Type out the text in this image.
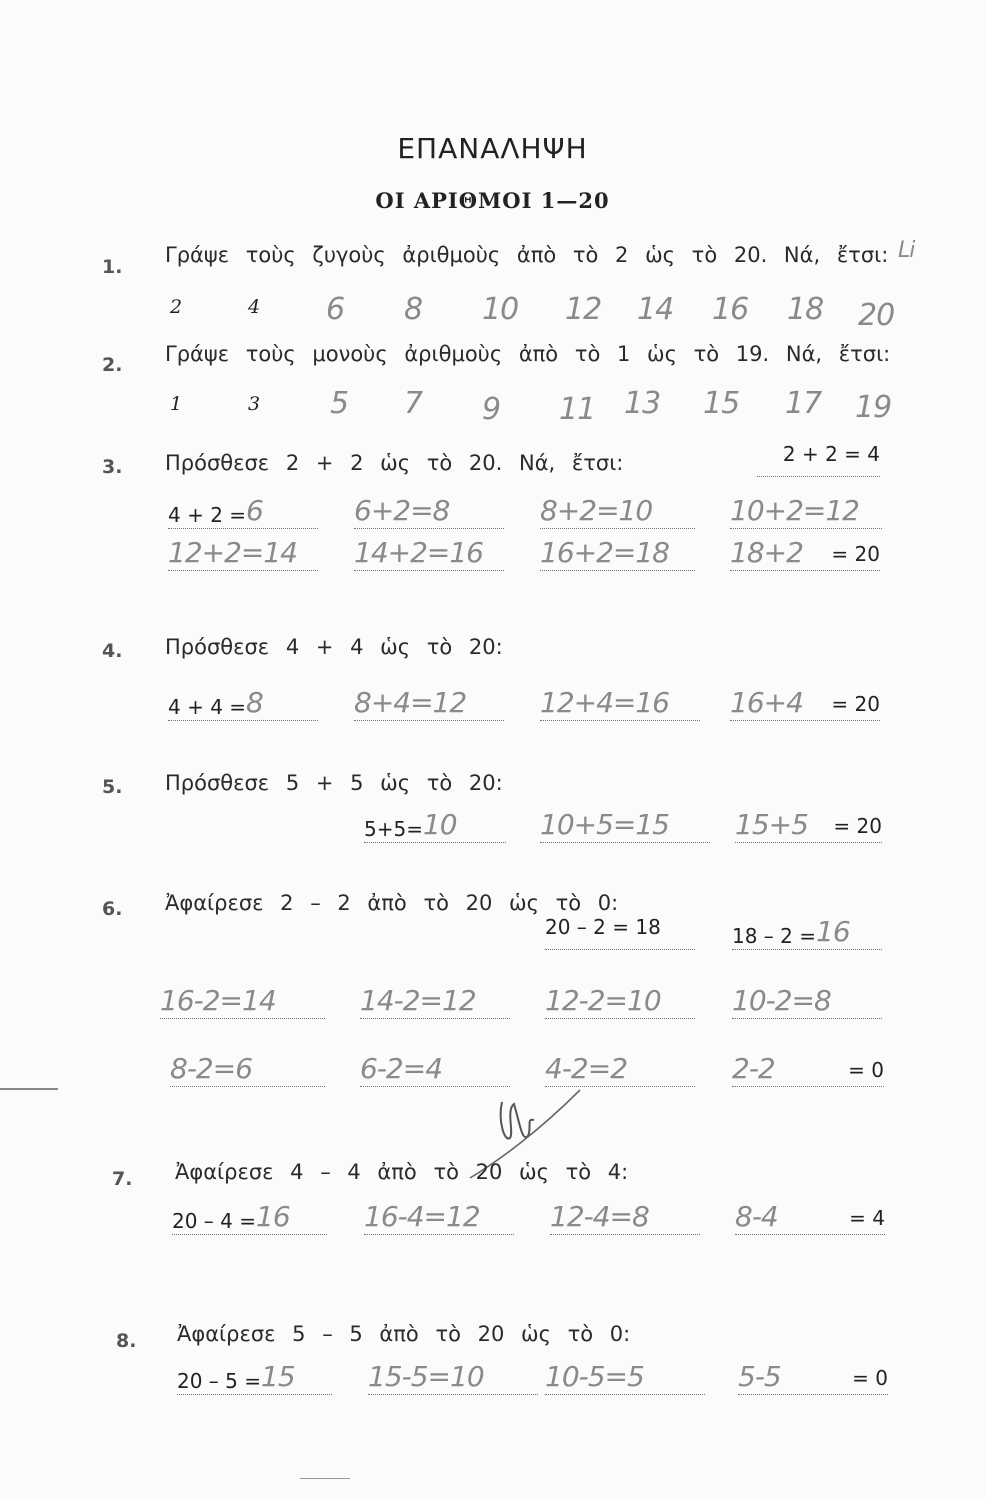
ΕΠΑΝΑΛΗΨΗ
ΟΙ ΑΡΙΘΜΟΙ 1—20
1. Γράψε τοὺς ζυγοὺς ἀριθμοὺς ἀπὸ τὸ 2 ὡς τὸ 20. Νά, ἔτσι: Li
2	4 6 8 10 12 14 16 18 20
2. Γράψε τοὺς μονοὺς ἀριθμοὺς ἀπὸ τὸ 1 ὡς τὸ 19. Νά, ἔτσι:
1	3 5 7 9 11 13 15 17 19
3. Πρόσθεσε 2 + 2 ὡς τὸ 20. Νά, ἔτσι:	2 + 2 = 4
4 + 2 =6	6+2=8	8+2=10	10+2=12
12+2=14	14+2=16	16+2=18	18+2 = 20
4. Πρόσθεσε 4 + 4 ὡς τὸ 20:
4 + 4 =8	8+4=12	12+4=16	16+4 = 20
5. Πρόσθεσε 5 + 5 ὡς τὸ 20:
5+5=10	10+5=15	15+5 = 20
6. Ἀφαίρεσε 2 – 2 ἀπὸ τὸ 20 ὡς τὸ 0:
20 – 2 = 18	18 – 2 =16
16-2=14	14-2=12	12-2=10	10-2=8
8-2=6	6-2=4	4-2=2	2-2	= 0
7. Ἀφαίρεσε 4 – 4 ἀπὸ τὸ 20 ὡς τὸ 4:
20 – 4 =16	16-4=12	12-4=8	8-4	= 4
8. Ἀφαίρεσε 5 – 5 ἀπὸ τὸ 20 ὡς τὸ 0:
20 – 5 =15	15-5=10	10-5=5	5-5	= 0
